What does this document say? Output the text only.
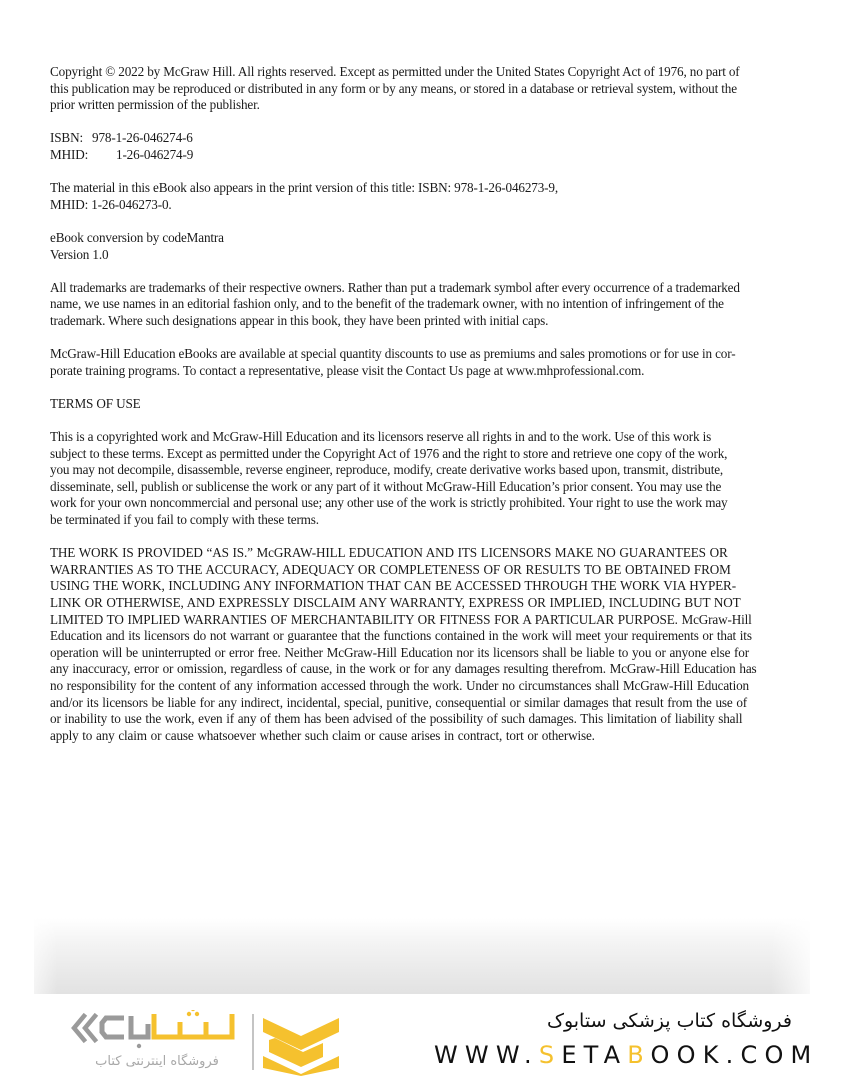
Copyright © 2022 by McGraw Hill. All rights reserved. Except as permitted under the United States Copyright Act of 1976, no part of
this publication may be reproduced or distributed in any form or by any means, or stored in a database or retrieval system, without the
prior written permission of the publisher.

ISBN: 978-1-26-046274-6
MHID: 1-26-046274-9

The material in this eBook also appears in the print version of this title: ISBN: 978-1-26-046273-9,
MHID: 1-26-046273-0.

eBook conversion by codeMantra
Version 1.0

All trademarks are trademarks of their respective owners. Rather than put a trademark symbol after every occurrence of a trademarked
name, we use names in an editorial fashion only, and to the benefit of the trademark owner, with no intention of infringement of the
trademark. Where such designations appear in this book, they have been printed with initial caps.

McGraw-Hill Education eBooks are available at special quantity discounts to use as premiums and sales promotions or for use in cor-
porate training programs. To contact a representative, please visit the Contact Us page at www.mhprofessional.com.

TERMS OF USE

This is a copyrighted work and McGraw-Hill Education and its licensors reserve all rights in and to the work. Use of this work is
subject to these terms. Except as permitted under the Copyright Act of 1976 and the right to store and retrieve one copy of the work,
you may not decompile, disassemble, reverse engineer, reproduce, modify, create derivative works based upon, transmit, distribute,
disseminate, sell, publish or sublicense the work or any part of it without McGraw-Hill Education’s prior consent. You may use the
work for your own noncommercial and personal use; any other use of the work is strictly prohibited. Your right to use the work may
be terminated if you fail to comply with these terms.

THE WORK IS PROVIDED “AS IS.” McGRAW-HILL EDUCATION AND ITS LICENSORS MAKE NO GUARANTEES OR
WARRANTIES AS TO THE ACCURACY, ADEQUACY OR COMPLETENESS OF OR RESULTS TO BE OBTAINED FROM
USING THE WORK, INCLUDING ANY INFORMATION THAT CAN BE ACCESSED THROUGH THE WORK VIA HYPER-
LINK OR OTHERWISE, AND EXPRESSLY DISCLAIM ANY WARRANTY, EXPRESS OR IMPLIED, INCLUDING BUT NOT
LIMITED TO IMPLIED WARRANTIES OF MERCHANTABILITY OR FITNESS FOR A PARTICULAR PURPOSE. McGraw-Hill
Education and its licensors do not warrant or guarantee that the functions contained in the work will meet your requirements or that its
operation will be uninterrupted or error free. Neither McGraw-Hill Education nor its licensors shall be liable to you or anyone else for
any inaccuracy, error or omission, regardless of cause, in the work or for any damages resulting therefrom. McGraw-Hill Education has
no responsibility for the content of any information accessed through the work. Under no circumstances shall McGraw-Hill Education
and/or its licensors be liable for any indirect, incidental, special, punitive, consequential or similar damages that result from the use of
or inability to use the work, even if any of them has been advised of the possibility of such damages. This limitation of liability shall
apply to any claim or cause whatsoever whether such claim or cause arises in contract, tort or otherwise.

فروشگاه اینترنتی کتاب
فروشگاه کتاب پزشکی ستابوک
WWW.SETABOOK.COM
